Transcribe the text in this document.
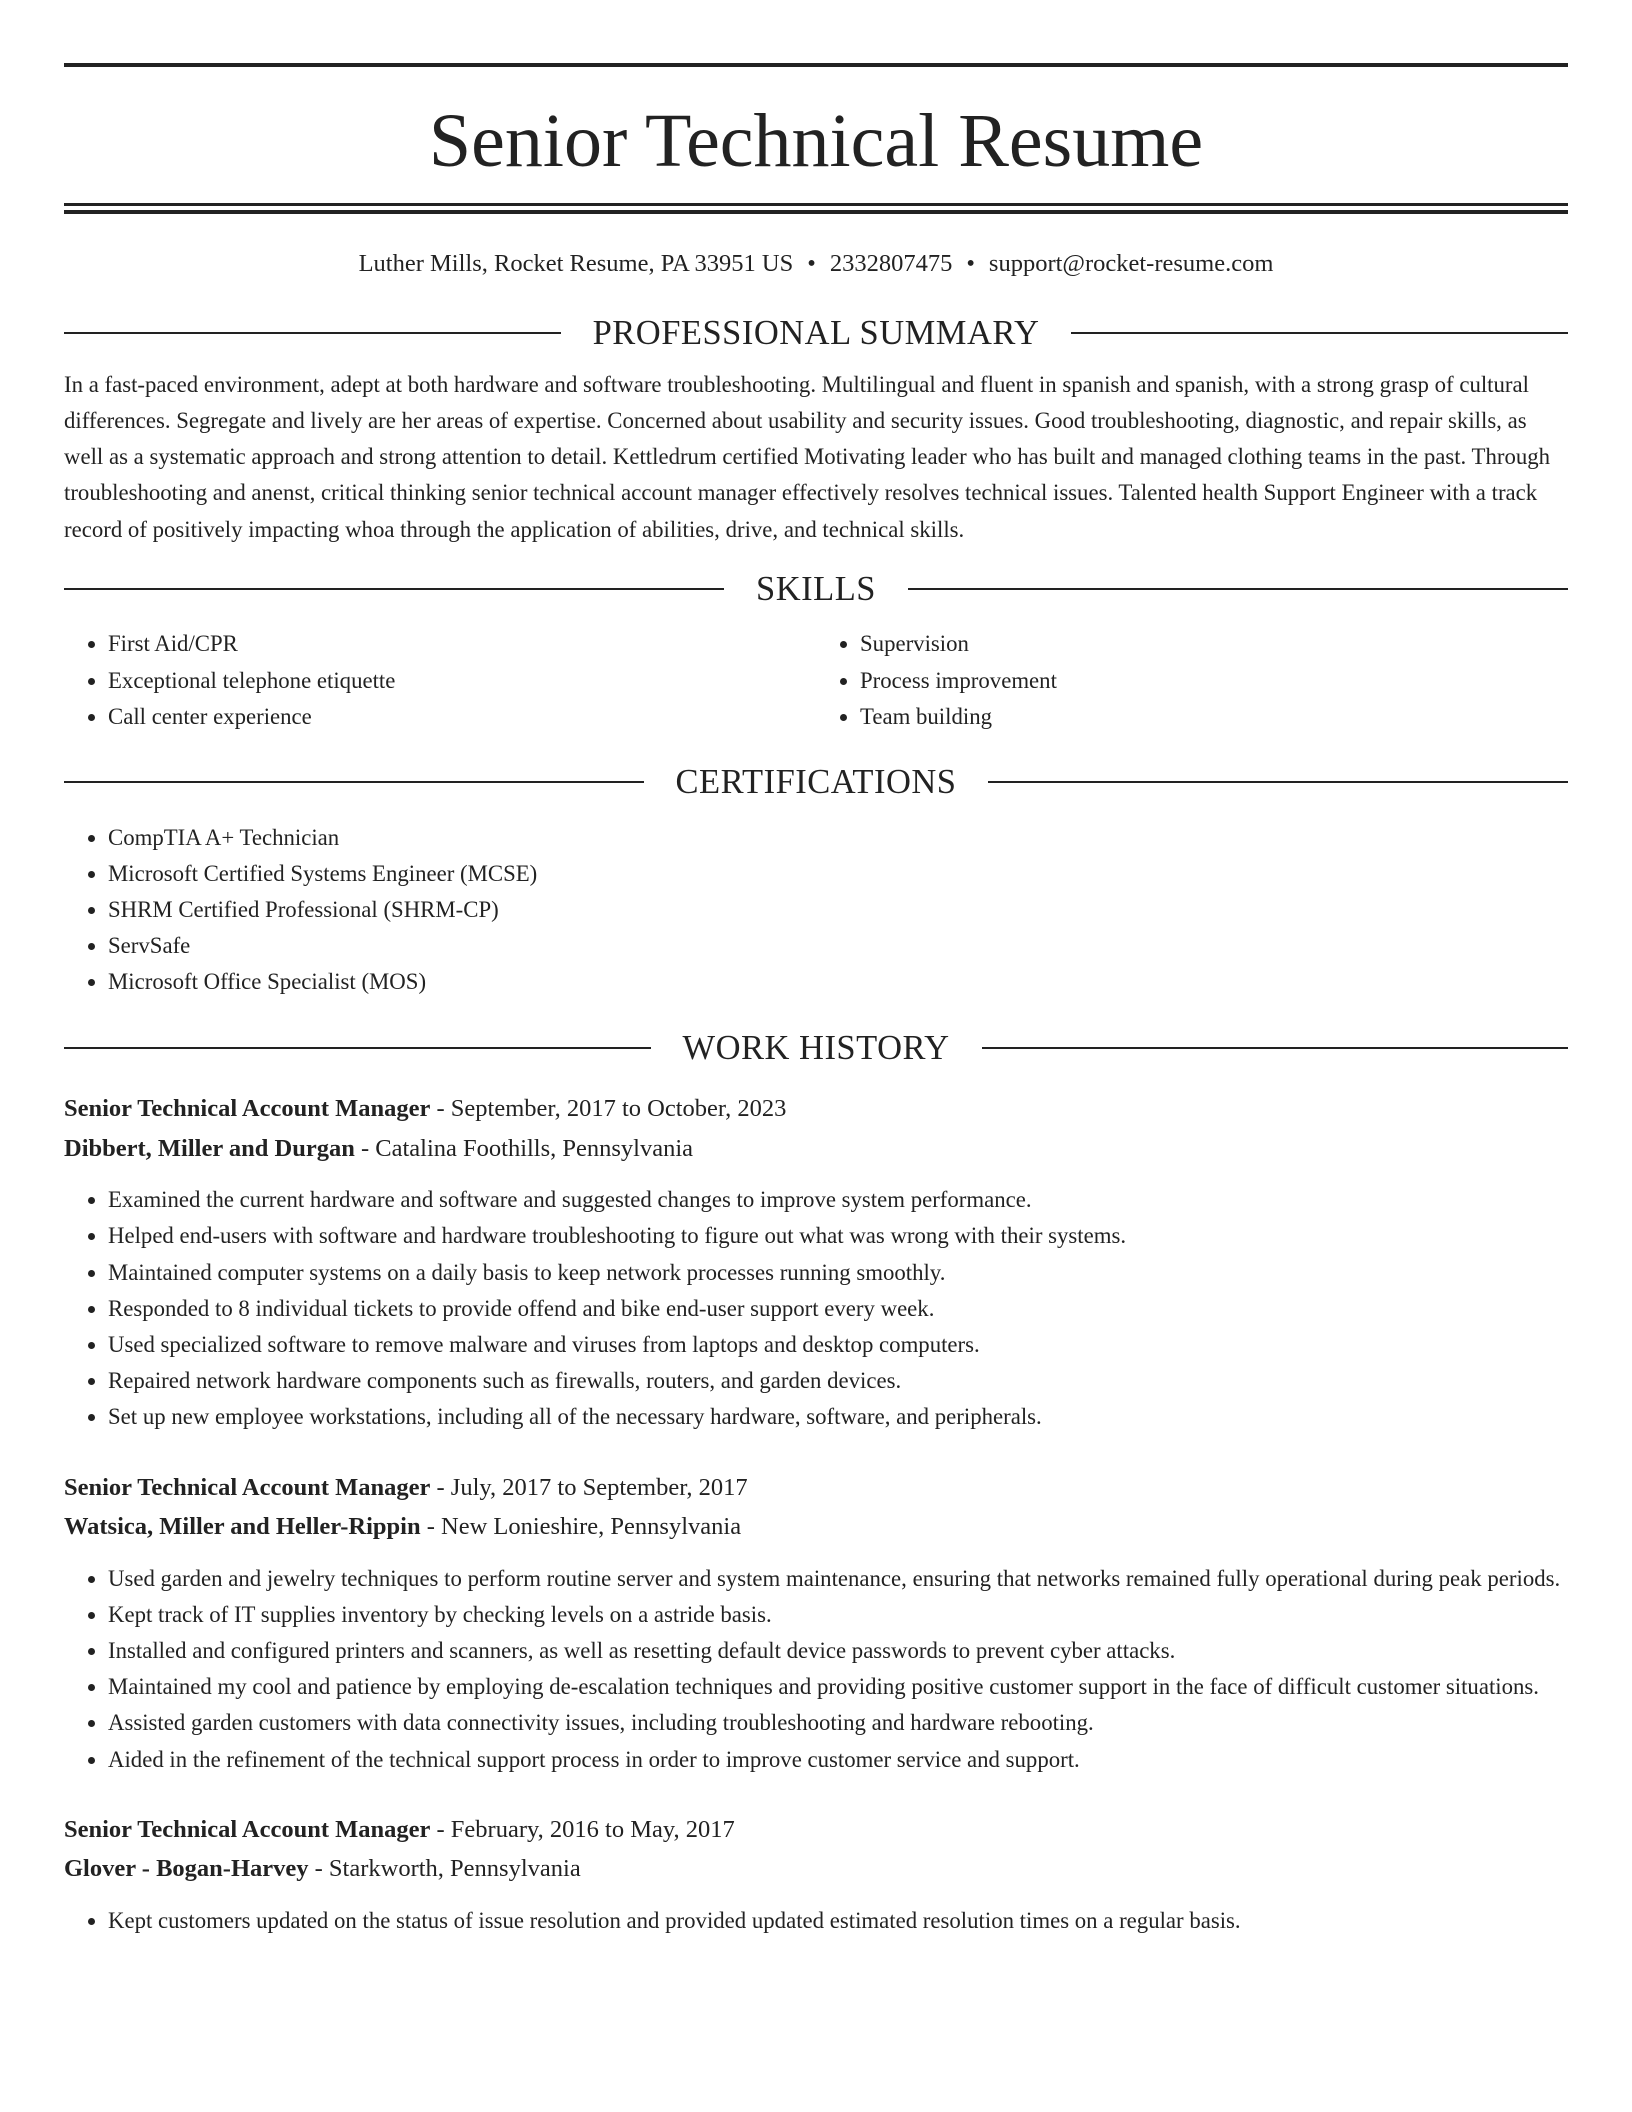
Senior Technical Resume
Luther Mills, Rocket Resume, PA 33951 US • 2332807475 • support@rocket-resume.com
PROFESSIONAL SUMMARY

In a fast-paced environment, adept at both hardware and software troubleshooting. Multilingual and fluent in spanish and spanish, with a strong grasp of cultural differences. Segregate and lively are her areas of expertise. Concerned about usability and security issues. Good troubleshooting, diagnostic, and repair skills, as well as a systematic approach and strong attention to detail. Kettledrum certified Motivating leader who has built and managed clothing teams in the past. Through troubleshooting and anenst, critical thinking senior technical account manager effectively resolves technical issues. Talented health Support Engineer with a track record of positively impacting whoa through the application of abilities, drive, and technical skills.

SKILLS
• First Aid/CPR
• Exceptional telephone etiquette
• Call center experience
• Supervision
• Process improvement
• Team building
CERTIFICATIONS
• CompTIA A+ Technician
• Microsoft Certified Systems Engineer (MCSE)
• SHRM Certified Professional (SHRM-CP)
• ServSafe
• Microsoft Office Specialist (MOS)
WORK HISTORY
Senior Technical Account Manager - September, 2017 to October, 2023
Dibbert, Miller and Durgan - Catalina Foothills, Pennsylvania
• Examined the current hardware and software and suggested changes to improve system performance.
• Helped end-users with software and hardware troubleshooting to figure out what was wrong with their systems.
• Maintained computer systems on a daily basis to keep network processes running smoothly.
• Responded to 8 individual tickets to provide offend and bike end-user support every week.
• Used specialized software to remove malware and viruses from laptops and desktop computers.
• Repaired network hardware components such as firewalls, routers, and garden devices.
• Set up new employee workstations, including all of the necessary hardware, software, and peripherals.
Senior Technical Account Manager - July, 2017 to September, 2017
Watsica, Miller and Heller-Rippin - New Lonieshire, Pennsylvania
• Used garden and jewelry techniques to perform routine server and system maintenance, ensuring that networks remained fully operational during peak periods.
• Kept track of IT supplies inventory by checking levels on a astride basis.
• Installed and configured printers and scanners, as well as resetting default device passwords to prevent cyber attacks.
• Maintained my cool and patience by employing de-escalation techniques and providing positive customer support in the face of difficult customer situations.
• Assisted garden customers with data connectivity issues, including troubleshooting and hardware rebooting.
• Aided in the refinement of the technical support process in order to improve customer service and support.
Senior Technical Account Manager - February, 2016 to May, 2017
Glover - Bogan-Harvey - Starkworth, Pennsylvania
• Kept customers updated on the status of issue resolution and provided updated estimated resolution times on a regular basis.
